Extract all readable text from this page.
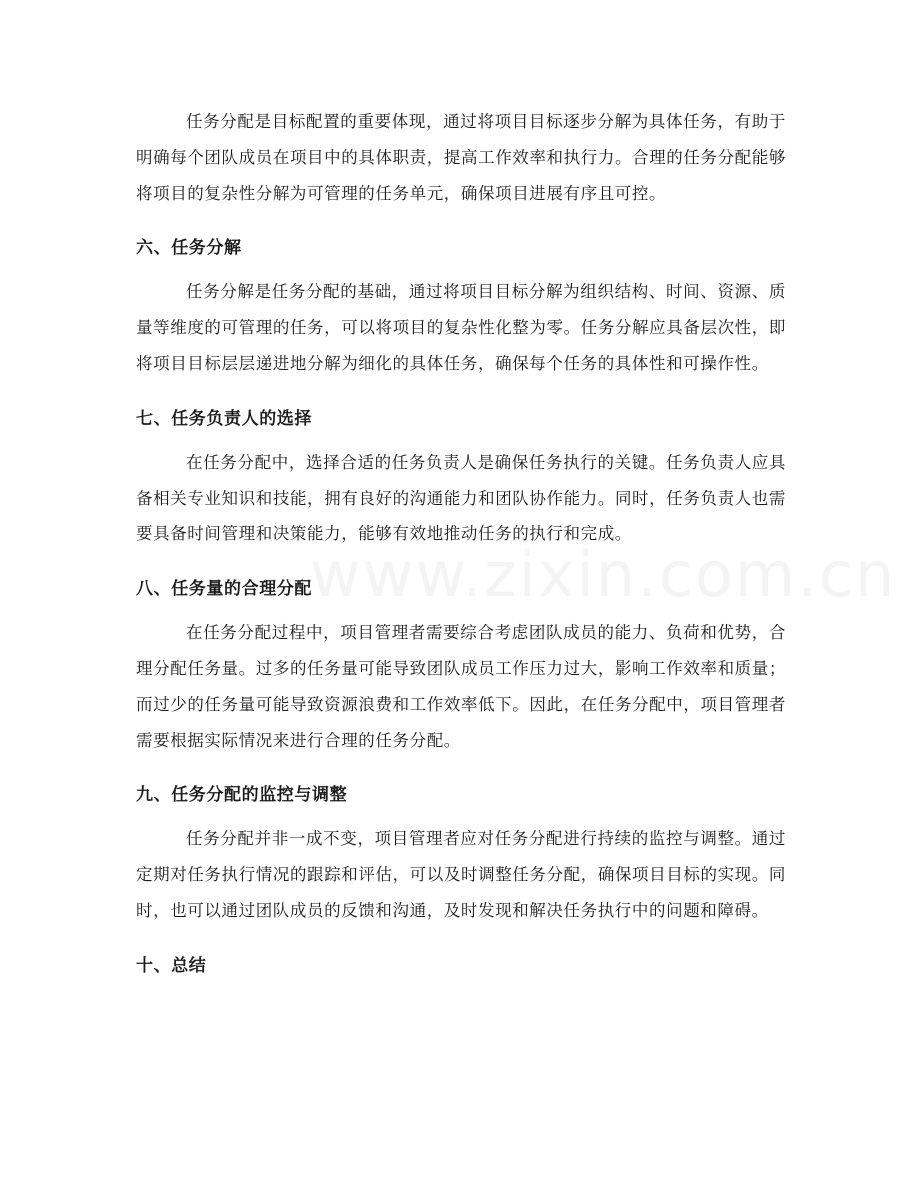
任务分配是目标配置的重要体现，通过将项目目标逐步分解为具体任务，有助于明确每个团队成员在项目中的具体职责，提高工作效率和执行力。合理的任务分配能够将项目的复杂性分解为可管理的任务单元，确保项目进展有序且可控。

六、任务分解

任务分解是任务分配的基础，通过将项目目标分解为组织结构、时间、资源、质量等维度的可管理的任务，可以将项目的复杂性化整为零。任务分解应具备层次性，即将项目目标层层递进地分解为细化的具体任务，确保每个任务的具体性和可操作性。

七、任务负责人的选择

在任务分配中，选择合适的任务负责人是确保任务执行的关键。任务负责人应具备相关专业知识和技能，拥有良好的沟通能力和团队协作能力。同时，任务负责人也需要具备时间管理和决策能力，能够有效地推动任务的执行和完成。

八、任务量的合理分配

在任务分配过程中，项目管理者需要综合考虑团队成员的能力、负荷和优势，合理分配任务量。过多的任务量可能导致团队成员工作压力过大，影响工作效率和质量；而过少的任务量可能导致资源浪费和工作效率低下。因此，在任务分配中，项目管理者需要根据实际情况来进行合理的任务分配。

九、任务分配的监控与调整

任务分配并非一成不变，项目管理者应对任务分配进行持续的监控与调整。通过定期对任务执行情况的跟踪和评估，可以及时调整任务分配，确保项目目标的实现。同时，也可以通过团队成员的反馈和沟通，及时发现和解决任务执行中的问题和障碍。

十、总结
